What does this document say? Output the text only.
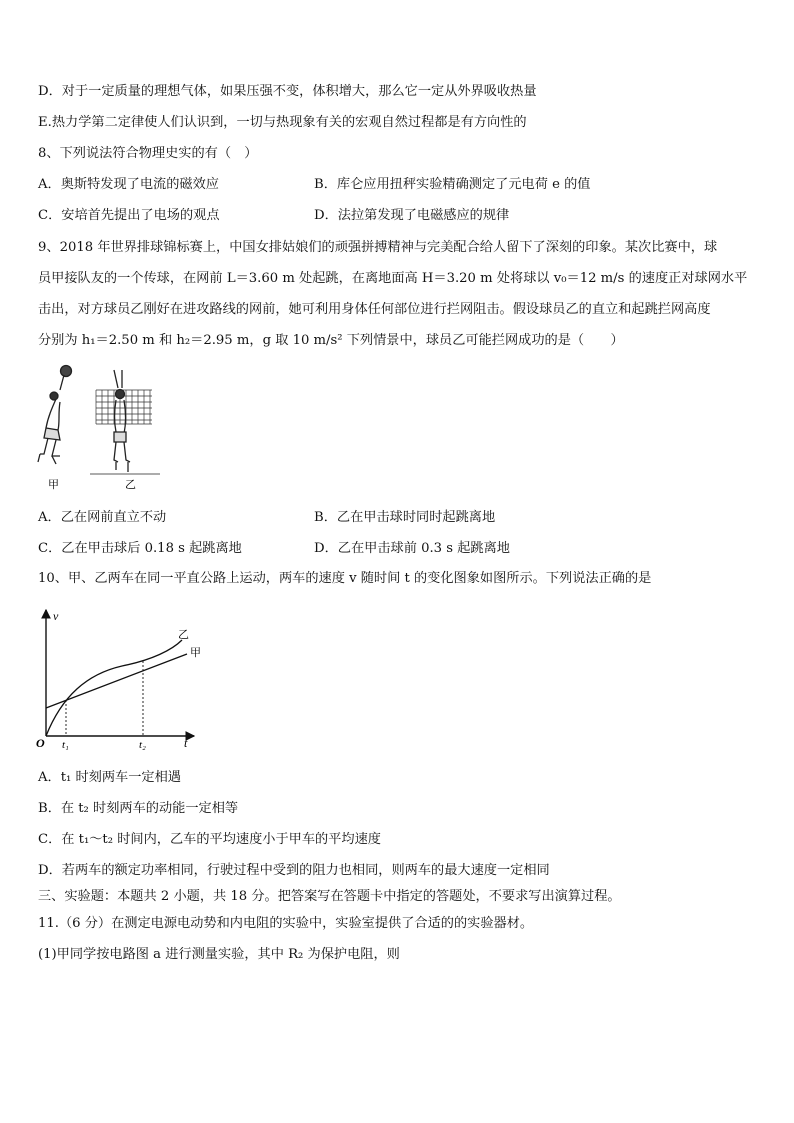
D．对于一定质量的理想气体，如果压强不变，体积增大，那么它一定从外界吸收热量
E.热力学第二定律使人们认识到，一切与热现象有关的宏观自然过程都是有方向性的
8、下列说法符合物理史实的有（　）
A．奥斯特发现了电流的磁效应	B．库仑应用扭秤实验精确测定了元电荷 e 的值
C．安培首先提出了电场的观点	D．法拉第发现了电磁感应的规律
9、2018 年世界排球锦标赛上，中国女排姑娘们的顽强拼搏精神与完美配合给人留下了深刻的印象。某次比赛中，球
员甲接队友的一个传球，在网前 L＝3.60 m 处起跳，在离地面高 H＝3.20 m 处将球以 v₀＝12 m/s 的速度正对球网水平
击出，对方球员乙刚好在进攻路线的网前，她可利用身体任何部位进行拦网阻击。假设球员乙的直立和起跳拦网高度
分别为 h₁＝2.50 m 和 h₂＝2.95 m，g 取 10 m/s² 下列情景中，球员乙可能拦网成功的是（　　）
甲	乙
A．乙在网前直立不动	B．乙在甲击球时同时起跳离地
C．乙在甲击球后 0.18 s 起跳离地	D．乙在甲击球前 0.3 s 起跳离地
10、甲、乙两车在同一平直公路上运动，两车的速度 v 随时间 t 的变化图象如图所示。下列说法正确的是
v
t
O t₁	t₂
乙
甲
A．t₁ 时刻两车一定相遇
B．在 t₂ 时刻两车的动能一定相等
C．在 t₁～t₂ 时间内，乙车的平均速度小于甲车的平均速度
D．若两车的额定功率相同，行驶过程中受到的阻力也相同，则两车的最大速度一定相同
三、实验题：本题共 2 小题，共 18 分。把答案写在答题卡中指定的答题处，不要求写出演算过程。
11.（6 分）在测定电源电动势和内电阻的实验中，实验室提供了合适的的实验器材。
(1)甲同学按电路图 a 进行测量实验，其中 R₂ 为保护电阻，则
